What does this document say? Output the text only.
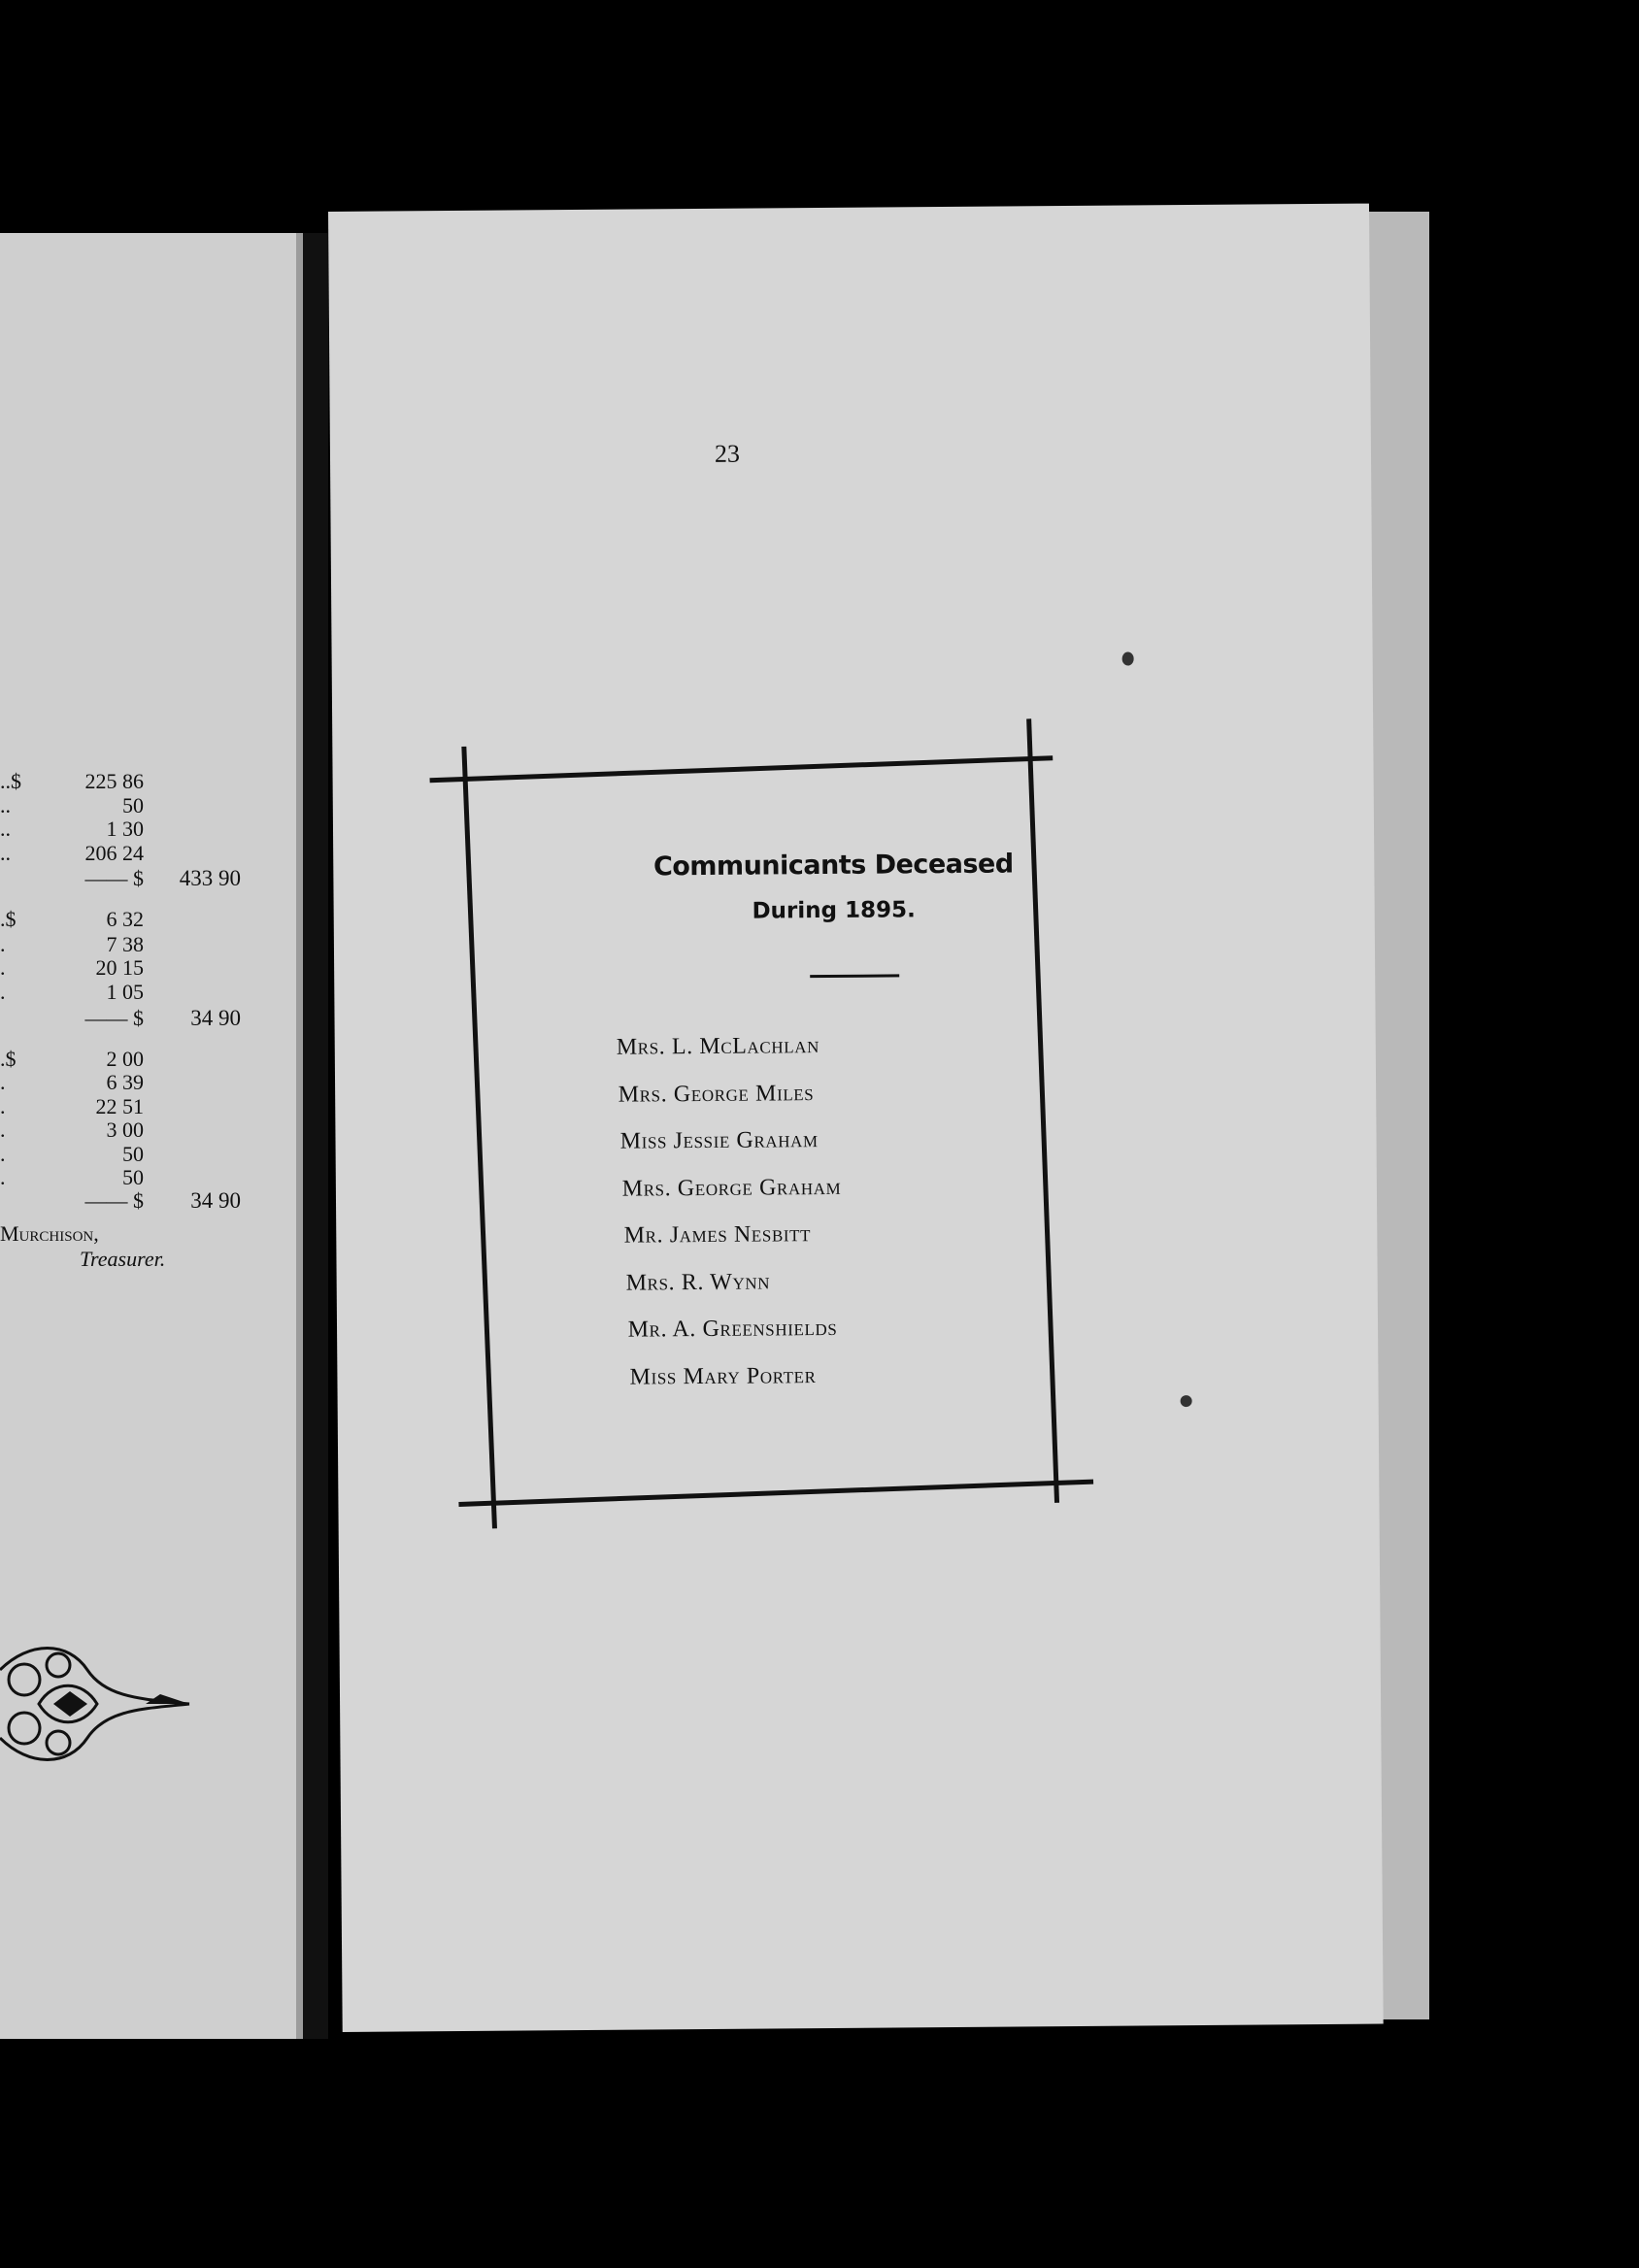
..$	225 86
..	50
..	1 30
..	206 24
—— $ 433 90
.$	6 32
.	7 38
.	20 15
.	1 05
—— $ 34 90
.$	2 00
.	6 39
.	22 51
.	3 00
.	50
.	50
—— $ 34 90
Murchison,
Treasurer.
23
Communicants Deceased
During 1895.
Mrs. L. McLachlan
Mrs. George Miles
Miss Jessie Graham
Mrs. George Graham
Mr. James Nesbitt
Mrs. R. Wynn
Mr. A. Greenshields
Miss Mary Porter
